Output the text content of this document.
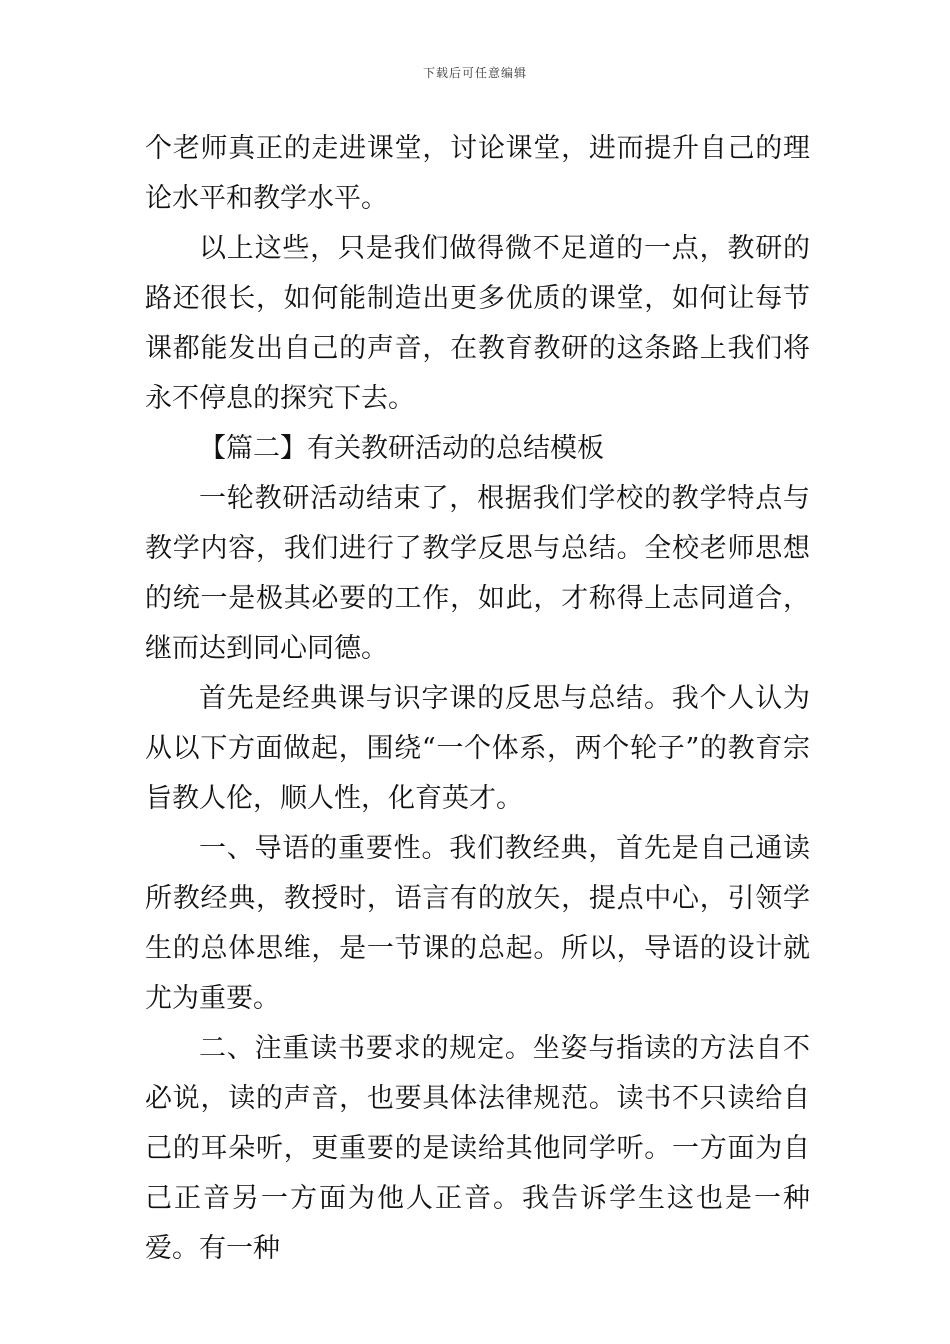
下载后可任意编辑

个老师真正的走进课堂，讨论课堂，进而提升自己的理论水平和教学水平。

以上这些，只是我们做得微不足道的一点，教研的路还很长，如何能制造出更多优质的课堂，如何让每节课都能发出自己的声音，在教育教研的这条路上我们将永不停息的探究下去。

【篇二】有关教研活动的总结模板

一轮教研活动结束了，根据我们学校的教学特点与教学内容，我们进行了教学反思与总结。全校老师思想的统一是极其必要的工作，如此，才称得上志同道合，继而达到同心同德。

首先是经典课与识字课的反思与总结。我个人认为从以下方面做起，围绕“一个体系，两个轮子”的教育宗旨教人伦，顺人性，化育英才。

一、导语的重要性。我们教经典，首先是自己通读所教经典，教授时，语言有的放矢，提点中心，引领学生的总体思维，是一节课的总起。所以，导语的设计就尤为重要。

二、注重读书要求的规定。坐姿与指读的方法自不必说，读的声音，也要具体法律规范。读书不只读给自己的耳朵听，更重要的是读给其他同学听。一方面为自己正音另一方面为他人正音。我告诉学生这也是一种爱。有一种
